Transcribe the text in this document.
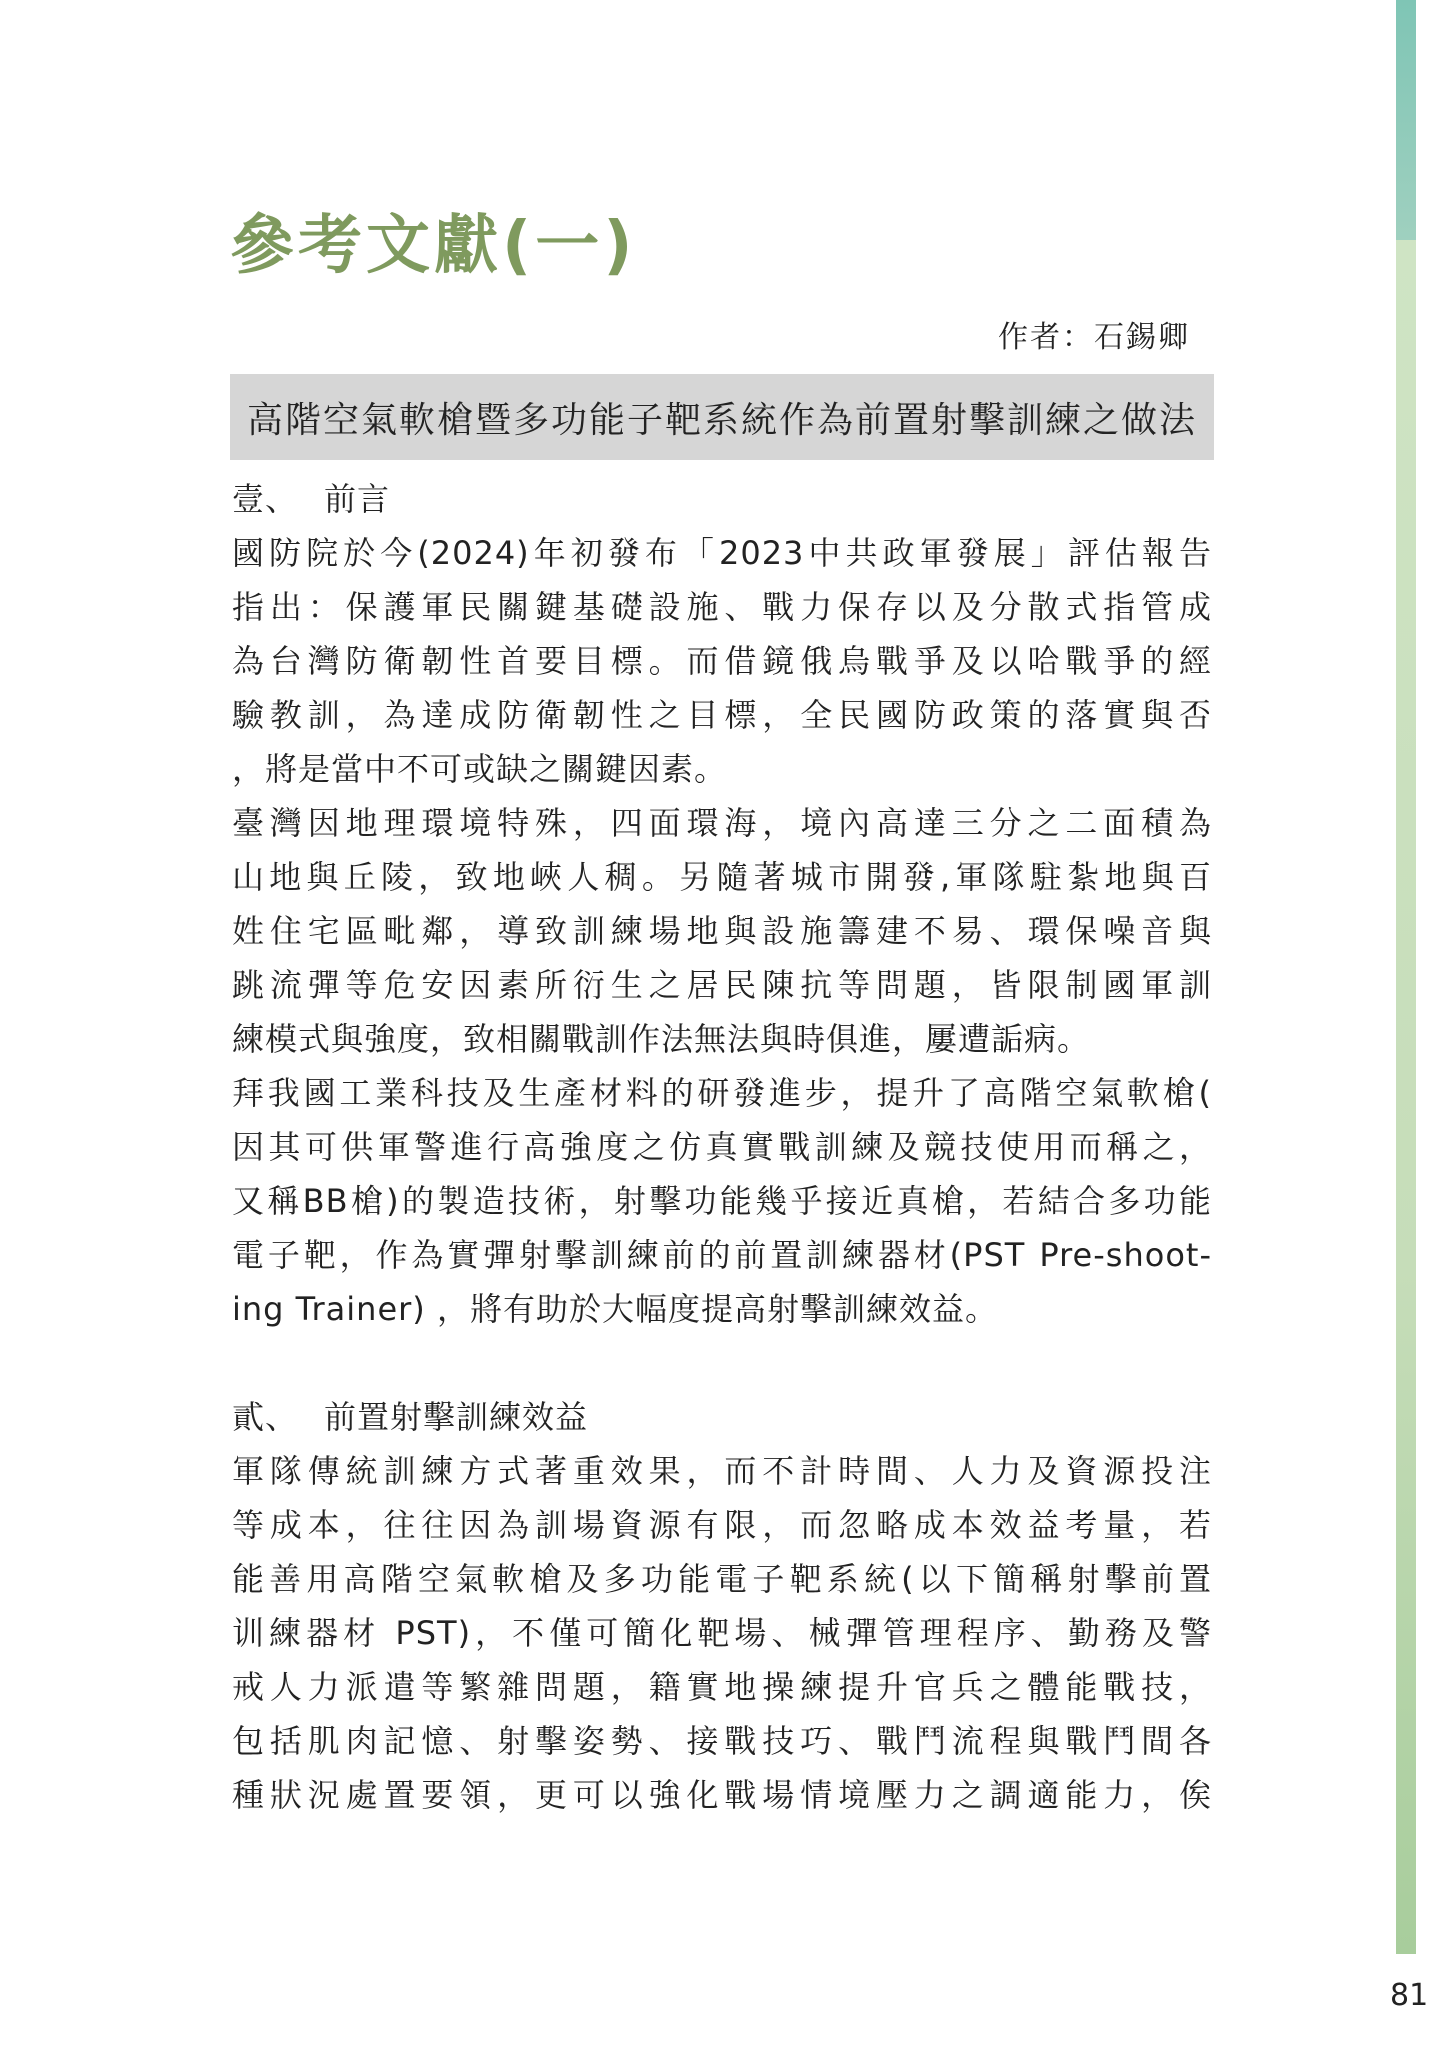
參考文獻(一)
作者：石錫卿
高階空氣軟槍暨多功能子靶系統作為前置射擊訓練之做法
壹、 前言
國防院於今(2024)年初發布「2023中共政軍發展」評估報告
指出：保護軍民關鍵基礎設施、戰力保存以及分散式指管成
為台灣防衛韌性首要目標。而借鏡俄烏戰爭及以哈戰爭的經
驗教訓，為達成防衛韌性之目標，全民國防政策的落實與否
，將是當中不可或缺之關鍵因素。
臺灣因地理環境特殊，四面環海，境內高達三分之二面積為
山地與丘陵，致地峽人稠。另隨著城市開發,軍隊駐紮地與百
姓住宅區毗鄰，導致訓練場地與設施籌建不易、環保噪音與
跳流彈等危安因素所衍生之居民陳抗等問題，皆限制國軍訓
練模式與強度，致相關戰訓作法無法與時俱進，屢遭詬病。
拜我國工業科技及生產材料的研發進步，提升了高階空氣軟槍(
因其可供軍警進行高強度之仿真實戰訓練及競技使用而稱之，
又稱BB槍)的製造技術，射擊功能幾乎接近真槍，若結合多功能
電子靶，作為實彈射擊訓練前的前置訓練器材(PST Pre-shoot-
ing Trainer) ，將有助於大幅度提高射擊訓練效益。
貳、 前置射擊訓練效益
軍隊傳統訓練方式著重效果，而不計時間、人力及資源投注
等成本，往往因為訓場資源有限，而忽略成本效益考量，若
能善用高階空氣軟槍及多功能電子靶系統(以下簡稱射擊前置
训練器材 PST)，不僅可簡化靶場、械彈管理程序、勤務及警
戒人力派遣等繁雜問題，籍實地操練提升官兵之體能戰技，
包括肌肉記憶、射擊姿勢、接戰技巧、戰鬥流程與戰鬥間各
種狀況處置要領，更可以強化戰場情境壓力之調適能力，俟
81
